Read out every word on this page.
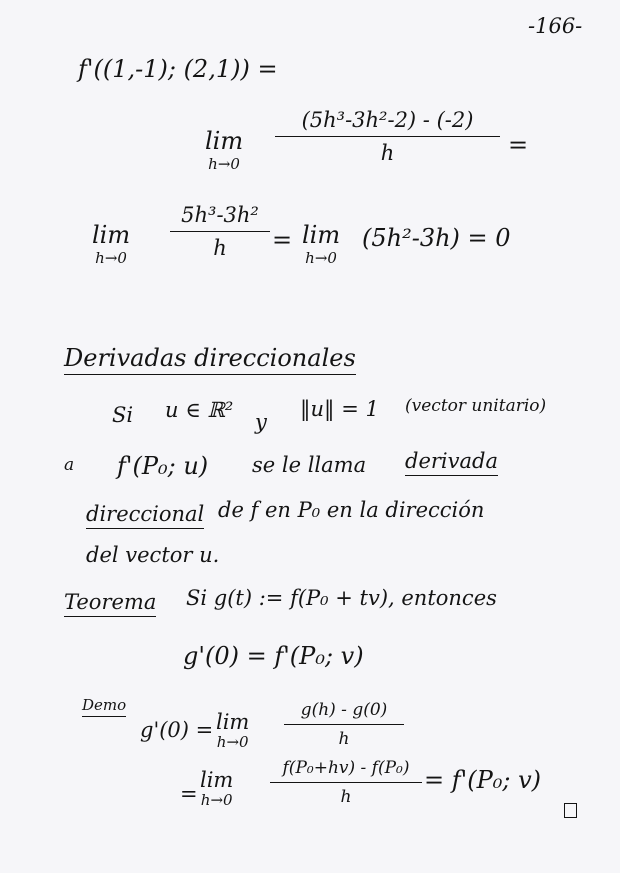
-166-
f'((1,-1); (2,1)) =
lim
h→0
(5h³-3h²-2) - (-2)
h	=
lim
h→0
5h³-3h²
h	= lim
h→0
(5h²-3h) = 0
Derivadas direccionales
Si u ∈ ℝ² y
‖u‖ = 1 (vector unitario)
a f'(P₀; u) se le llama derivada
direccional de f en P₀ en la dirección
del vector u.
Teorema Si g(t) := f(P₀ + tv), entonces
g'(0) = f'(P₀; v)
Demo
g'(0) = lim
h→0
g(h) - g(0)
h
=
lim
h→0
f(P₀+hv) - f(P₀)
h
= f'(P₀; v)
